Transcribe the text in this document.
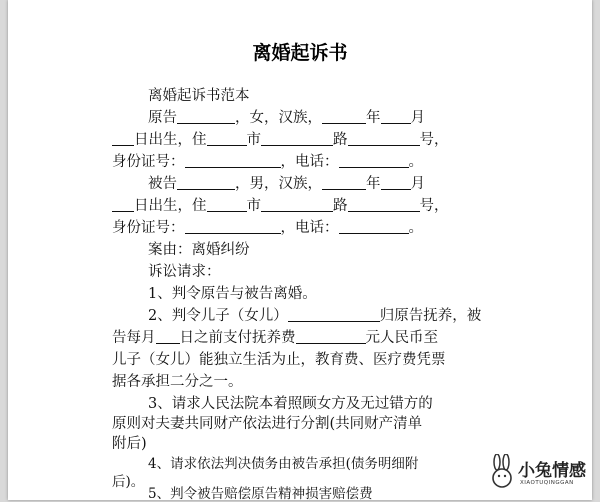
离婚起诉书
离婚起诉书范本
原告	，女，汉族，	年 月
日出生，住	市	路	号，
身份证号：	，电话：	。
被告	，男，汉族，	年 月
日出生，住	市	路	号，
身份证号：	，电话：	。
案由：离婚纠纷
诉讼请求：
1、判令原告与被告离婚。
2、判令儿子（女儿）	归原告抚养，被
告每月 日之前支付抚养费	元人民币至
儿子（女儿）能独立生活为止，教育费、医疗费凭票
据各承担二分之一。
3、请求人民法院本着照顾女方及无过错方的
原则对夫妻共同财产依法进行分割(共同财产清单
附后)
4、请求依法判决债务由被告承担(债务明细附
后)。
5、判令被告赔偿原告精神损害赔偿费
小兔情感
XIAOTUQINGGAN
